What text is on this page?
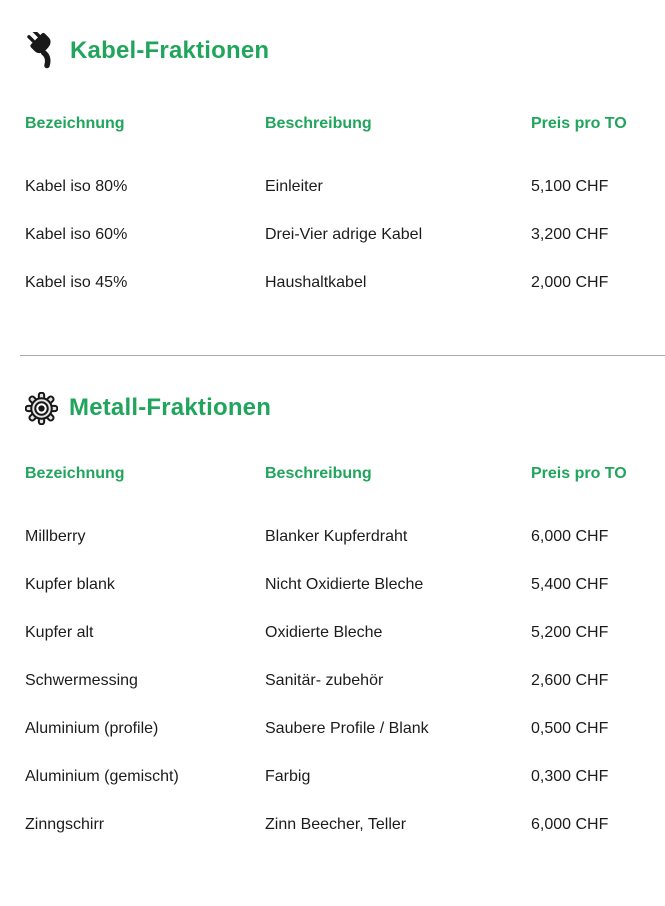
Kabel-Fraktionen
Bezeichnung	Beschreibung	Preis pro TO
Kabel iso 80%	Einleiter	5,100 CHF
Kabel iso 60%	Drei-Vier adrige Kabel	3,200 CHF
Kabel iso 45%	Haushaltkabel	2,000 CHF
Metall-Fraktionen
Bezeichnung	Beschreibung	Preis pro TO
Millberry	Blanker Kupferdraht	6,000 CHF
Kupfer blank	Nicht Oxidierte Bleche	5,400 CHF
Kupfer alt	Oxidierte Bleche	5,200 CHF
Schwermessing	Sanitär- zubehör	2,600 CHF
Aluminium (profile)	Saubere Profile / Blank	0,500 CHF
Aluminium (gemischt)	Farbig	0,300 CHF
Zinngschirr	Zinn Beecher, Teller	6,000 CHF
